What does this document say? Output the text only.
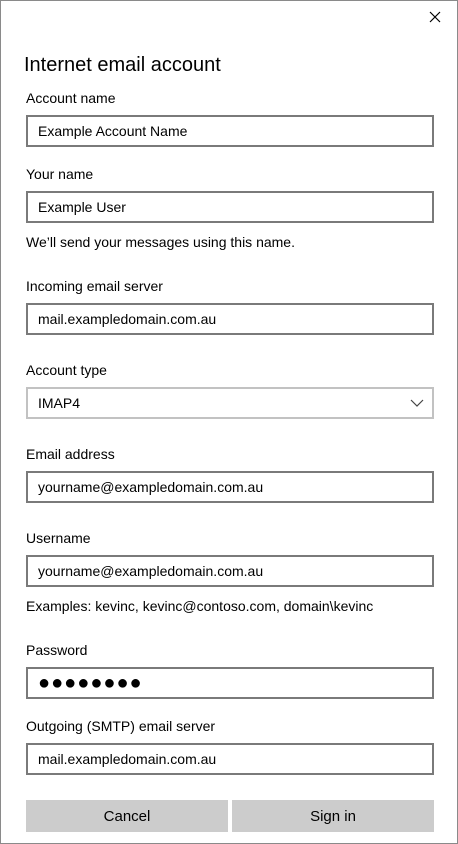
Internet email account
Account name
Example Account Name
Your name
Example User
We’ll send your messages using this name.
Incoming email server
mail.exampledomain.com.au
Account type
IMAP4
Email address
yourname@exampledomain.com.au
Username
yourname@exampledomain.com.au
Examples: kevinc, kevinc@contoso.com, domain\kevinc
Password
●●●●●●●●
Outgoing (SMTP) email server
mail.exampledomain.com.au
Cancel	Sign in
